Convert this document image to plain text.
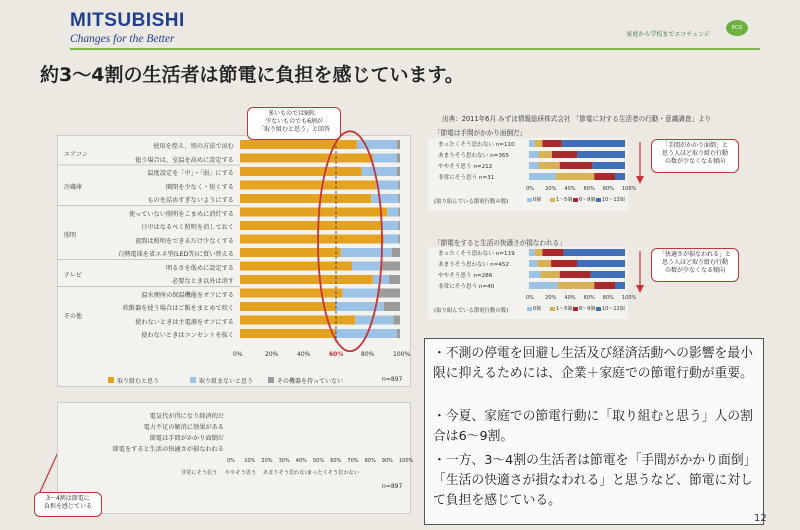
MITSUBISHI
Changes for the Better	家庭から学校までエコチェンジ
ECO
約3～4割の生活者は節電に負担を感じています。
出典：2011年6月 みずほ情報総研株式会社 「節電に対する生活者の行動・意識調査」より
使用を控え、別の方法で涼む
使う場合は、室温を高めに設定する
温度設定を「中」・「弱」にする
開閉を少なく・短くする
ものを詰めすぎないようにする
使っていない照明をこまめに消灯する
日中はなるべく照明を消しておく
夜間は照明をできるだけ少なくする
白熱電球を省エネ型(LED等)に買い替える
明るさを低めに設定する
必要なとき以外は消す
温水便座の保温機能をオフにする
炊飯器を使う場合はご飯をまとめて炊く
使わないときは主電源をオフにする
使わないときはコンセントを抜く
エアコン
冷蔵庫
照明
テレビ
その他
0%	20%	40%	60%	80%	100%
取り組むと思う	取り組まないと思う	その機器を持っていない	n=897
多いものでは9割、
少ないものでも6割が
「取り組むと思う」と回答	「節電は手間がかかり面倒だ」
「節電をすると生活の快適さが損なわれる」
まったくそう思わない n=110
あまりそう思わない n=365
ややそう思う n=212
非常にそう思う n=31
0% 20% 40% 60% 80% 100%
(取り組んでいる節電行動の数)	0個	1～5個 6～9個 10～12個
まったくそう思わない n=119
あまりそう思わない n=452
ややそう思う n=286
非常にそう思う n=40
0% 20% 40% 60% 80% 100%
(取り組んでいる節電行動の数)	0個	1～5個 6～9個 10～12個
「手間がかかり面倒」と
思う人ほど取り組む行動
の数が少なくなる傾向
「快適さが損なわれる」と
思う人ほど取り組む行動
の数が少なくなる傾向
電気代が得になり経済的だ
電力不足の解消に効果がある
節電は手間がかかり面倒だ
節電をすると生活の快適さが損なわれる
0% 10% 20% 30% 40% 50% 60% 70% 80% 90% 100%
非常にそう思う ややそう思う あまりそう思わない
まったくそう思わない
n=897
3～4割は節電に
負担を感じている
・不測の停電を回避し生活及び経済活動への影響を最小限に抑えるためには、企業＋家庭での節電行動が重要。
・今夏、家庭での節電行動に「取り組むと思う」人の割合は6～9割。
・一方、3～4割の生活者は節電を「手間がかかり面倒」「生活の快適さが損なわれる」と思うなど、節電に対して負担を感じている。
12
